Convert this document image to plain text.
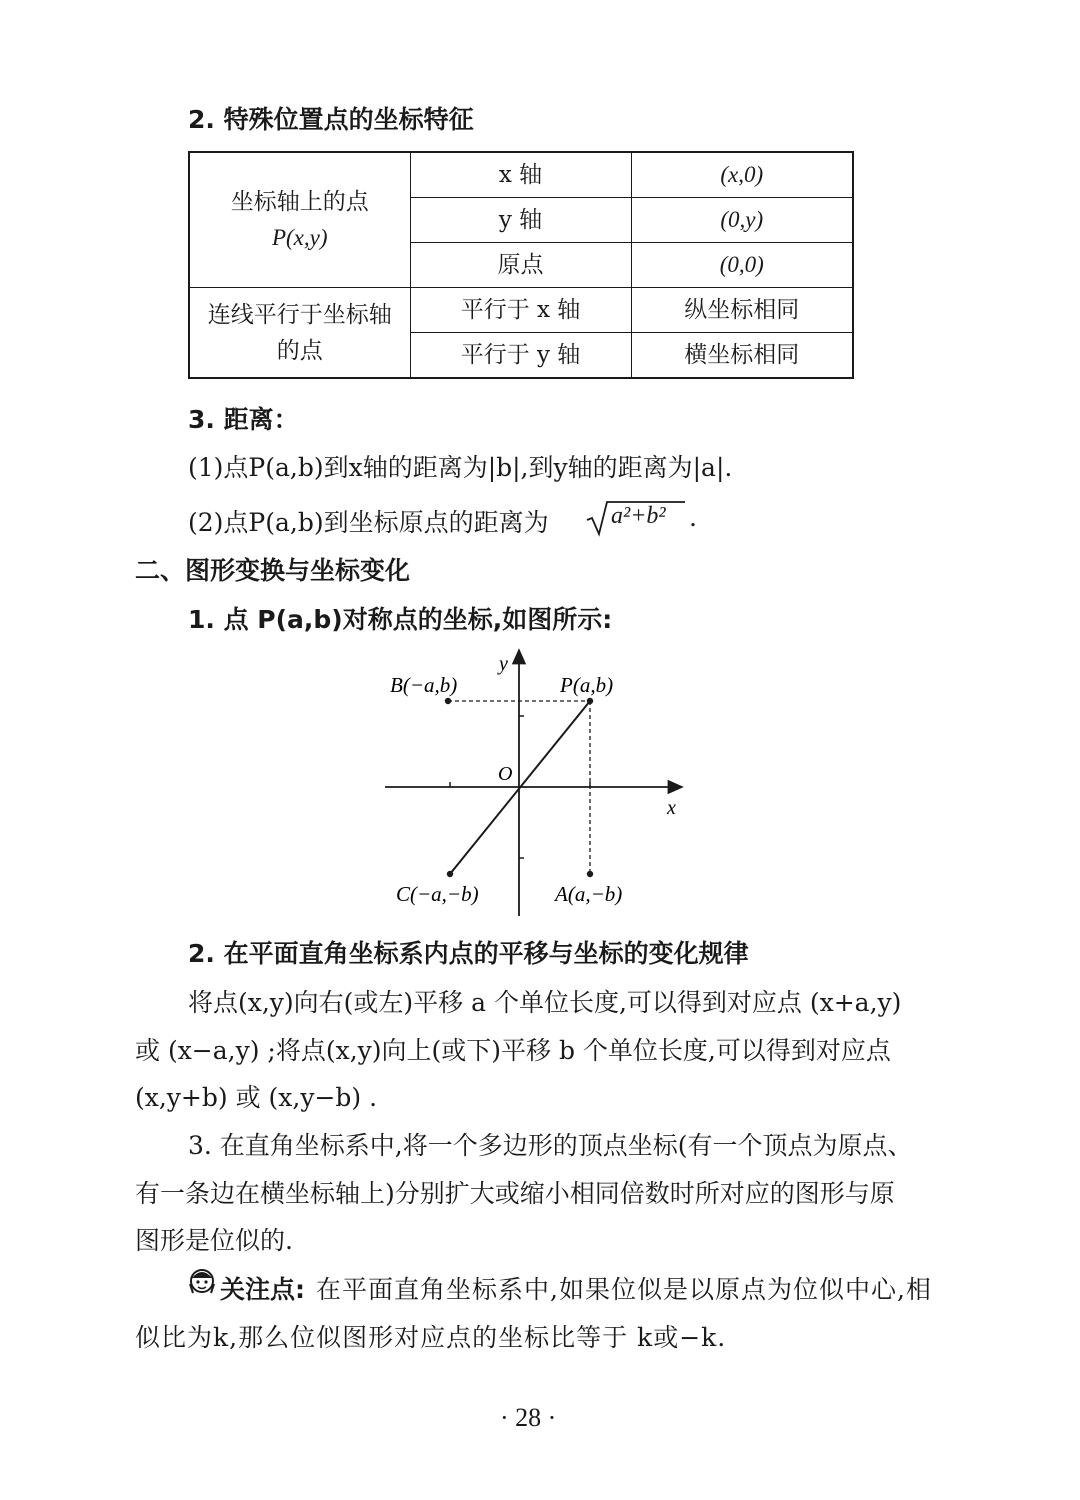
2. 特殊位置点的坐标特征
坐标轴上的点
P(x,y)	x 轴	(x,0)
	y 轴	(0,y)
	原点	(0,0)

连线平行于坐标轴
的点	平行于 x 轴	纵坐标相同
	平行于 y 轴	横坐标相同
3. 距离：
(1)点P(a,b)到x轴的距离为|b|,到y轴的距离为|a|.
(2)点P(a,b)到坐标原点的距离为	a²+b² .
二、图形变换与坐标变化
1. 点 P(a,b)对称点的坐标,如图所示:
y
x
O
P(a,b)
B(−a,b)
C(−a,−b)	A(a,−b)
2. 在平面直角坐标系内点的平移与坐标的变化规律
将点(x,y)向右(或左)平移 a 个单位长度,可以得到对应点 (x+a,y)
或 (x−a,y) ;将点(x,y)向上(或下)平移 b 个单位长度,可以得到对应点
(x,y+b) 或 (x,y−b) .
3. 在直角坐标系中,将一个多边形的顶点坐标(有一个顶点为原点、
有一条边在横坐标轴上)分别扩大或缩小相同倍数时所对应的图形与原
图形是位似的.
关注点: 在平面直角坐标系中,如果位似是以原点为位似中心,相
似比为k,那么位似图形对应点的坐标比等于 k或−k.
· 28 ·
